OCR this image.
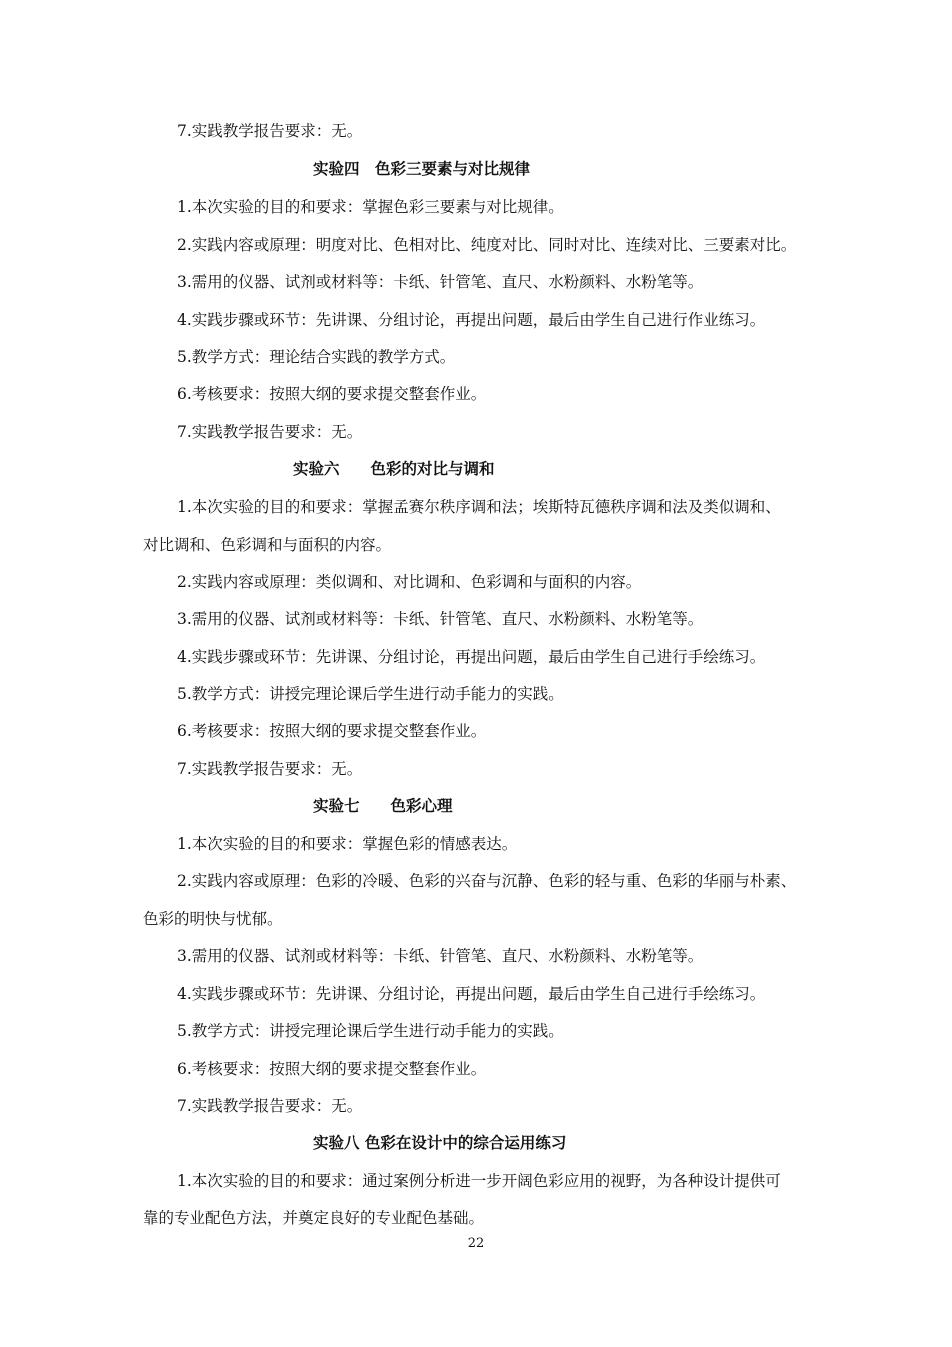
7.实践教学报告要求：无。
实验四　色彩三要素与对比规律
1.本次实验的目的和要求：掌握色彩三要素与对比规律。
2.实践内容或原理：明度对比、色相对比、纯度对比、同时对比、连续对比、三要素对比。
3.需用的仪器、试剂或材料等：卡纸、针管笔、直尺、水粉颜料、水粉笔等。
4.实践步骤或环节：先讲课、分组讨论，再提出问题，最后由学生自己进行作业练习。
5.教学方式：理论结合实践的教学方式。
6.考核要求：按照大纲的要求提交整套作业。
7.实践教学报告要求：无。
实验六　　色彩的对比与调和
1.本次实验的目的和要求：掌握孟赛尔秩序调和法；埃斯特瓦德秩序调和法及类似调和、
对比调和、色彩调和与面积的内容。
2.实践内容或原理：类似调和、对比调和、色彩调和与面积的内容。
3.需用的仪器、试剂或材料等：卡纸、针管笔、直尺、水粉颜料、水粉笔等。
4.实践步骤或环节：先讲课、分组讨论，再提出问题，最后由学生自己进行手绘练习。
5.教学方式：讲授完理论课后学生进行动手能力的实践。
6.考核要求：按照大纲的要求提交整套作业。
7.实践教学报告要求：无。
实验七　　色彩心理
1.本次实验的目的和要求：掌握色彩的情感表达。
2.实践内容或原理：色彩的冷暖、色彩的兴奋与沉静、色彩的轻与重、色彩的华丽与朴素、
色彩的明快与忧郁。
3.需用的仪器、试剂或材料等：卡纸、针管笔、直尺、水粉颜料、水粉笔等。
4.实践步骤或环节：先讲课、分组讨论，再提出问题，最后由学生自己进行手绘练习。
5.教学方式：讲授完理论课后学生进行动手能力的实践。
6.考核要求：按照大纲的要求提交整套作业。
7.实践教学报告要求：无。
实验八 色彩在设计中的综合运用练习
1.本次实验的目的和要求：通过案例分析进一步开阔色彩应用的视野，为各种设计提供可
靠的专业配色方法，并奠定良好的专业配色基础。
22
